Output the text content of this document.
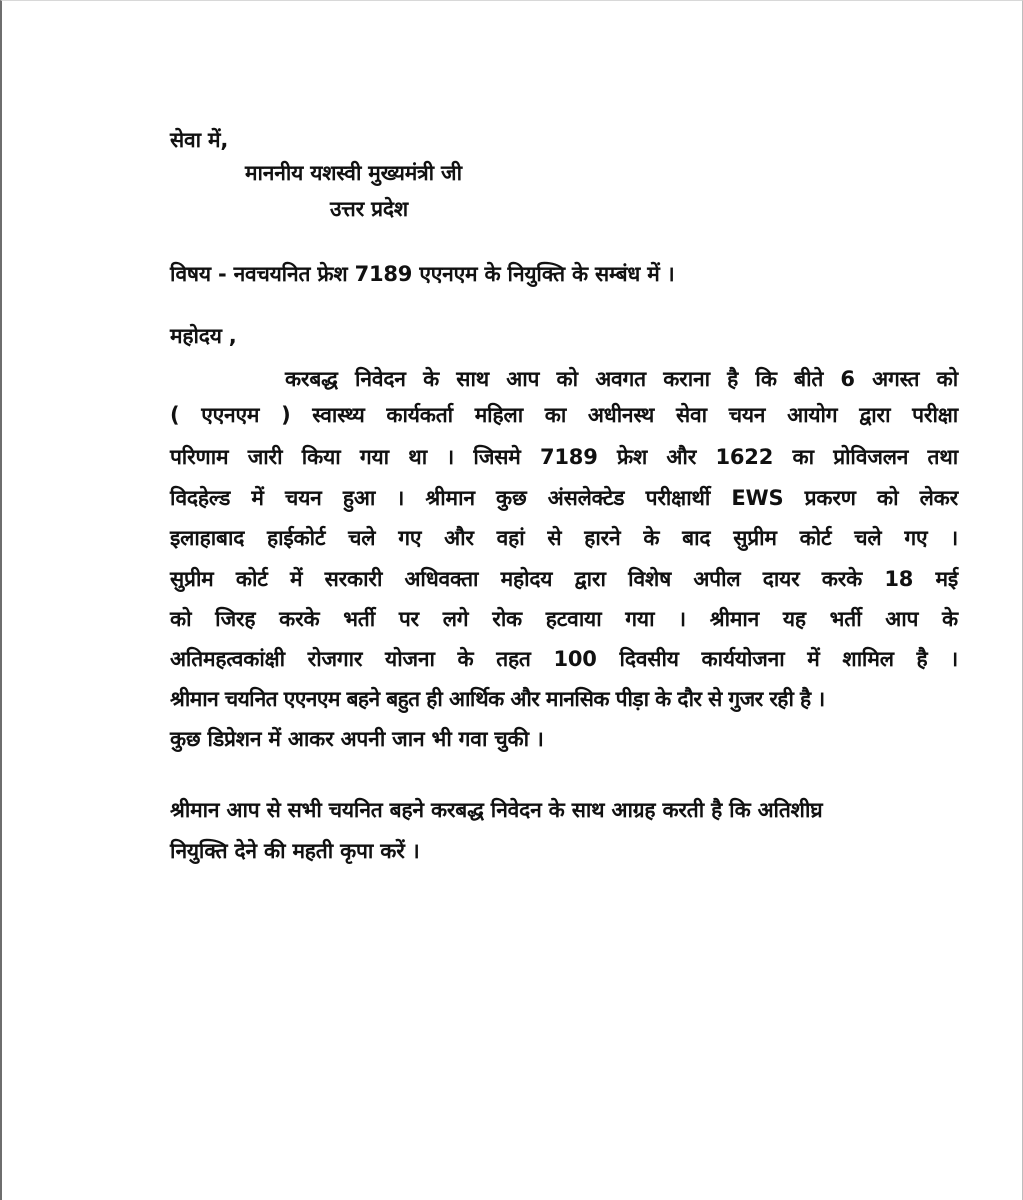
सेवा में,
माननीय यशस्वी मुख्यमंत्री जी
उत्तर प्रदेश
विषय - नवचयनित फ्रेश 7189 एएनएम के नियुक्ति के सम्बंध में ।
महोदय ,
करबद्ध निवेदन के साथ आप को अवगत कराना है कि बीते 6 अगस्त को
( एएनएम ) स्वास्थ्य कार्यकर्ता महिला का अधीनस्थ सेवा चयन आयोग द्वारा परीक्षा
परिणाम जारी किया गया था । जिसमे 7189 फ्रेश और 1622 का प्रोविजलन तथा
विदहेल्ड में चयन हुआ । श्रीमान कुछ अंसलेक्टेड परीक्षार्थी EWS प्रकरण को लेकर
इलाहाबाद हाईकोर्ट चले गए और वहां से हारने के बाद सुप्रीम कोर्ट चले गए ।
सुप्रीम कोर्ट में सरकारी अधिवक्ता महोदय द्वारा विशेष अपील दायर करके 18 मई
को जिरह करके भर्ती पर लगे रोक हटवाया गया । श्रीमान यह भर्ती आप के
अतिमहत्वकांक्षी रोजगार योजना के तहत 100 दिवसीय कार्ययोजना में शामिल है ।
श्रीमान चयनित एएनएम बहने बहुत ही आर्थिक और मानसिक पीड़ा के दौर से गुजर रही है ।
कुछ डिप्रेशन में आकर अपनी जान भी गवा चुकी ।
श्रीमान आप से सभी चयनित बहने करबद्ध निवेदन के साथ आग्रह करती है कि अतिशीघ्र
नियुक्ति देने की महती कृपा करें ।
